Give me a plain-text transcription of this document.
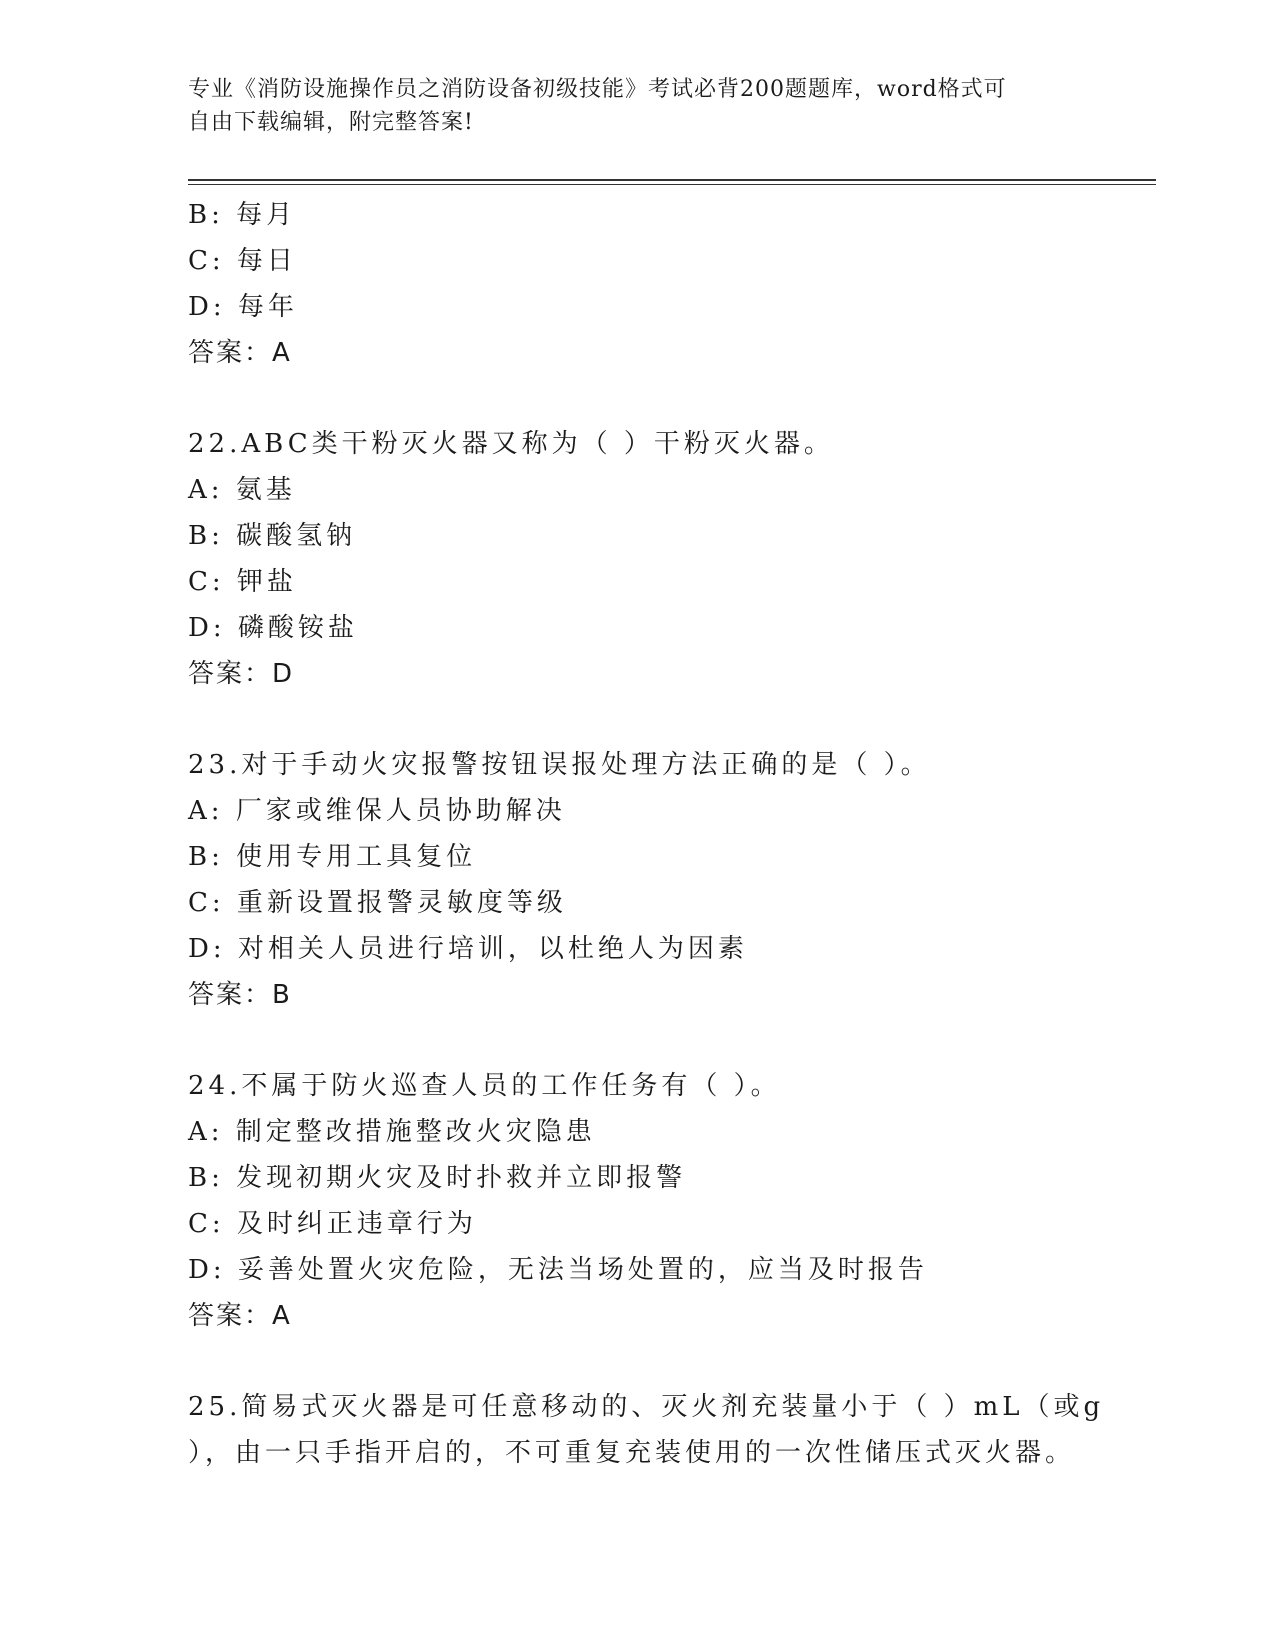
专业《消防设施操作员之消防设备初级技能》考试必背200题题库，word格式可
自由下载编辑，附完整答案!
B: 每月
C: 每日
D: 每年
答案：A
22.ABC类干粉灭火器又称为（ ）干粉灭火器。
A: 氨基
B: 碳酸氢钠
C: 钾盐
D: 磷酸铵盐
答案：D
23.对于手动火灾报警按钮误报处理方法正确的是（ ）。
A: 厂家或维保人员协助解决
B: 使用专用工具复位
C: 重新设置报警灵敏度等级
D: 对相关人员进行培训，以杜绝人为因素
答案：B
24.不属于防火巡查人员的工作任务有（ ）。
A: 制定整改措施整改火灾隐患
B: 发现初期火灾及时扑救并立即报警
C: 及时纠正违章行为
D: 妥善处置火灾危险，无法当场处置的，应当及时报告
答案：A
25.简易式灭火器是可任意移动的、灭火剂充装量小于（ ）mL（或g
），由一只手指开启的，不可重复充装使用的一次性储压式灭火器。
